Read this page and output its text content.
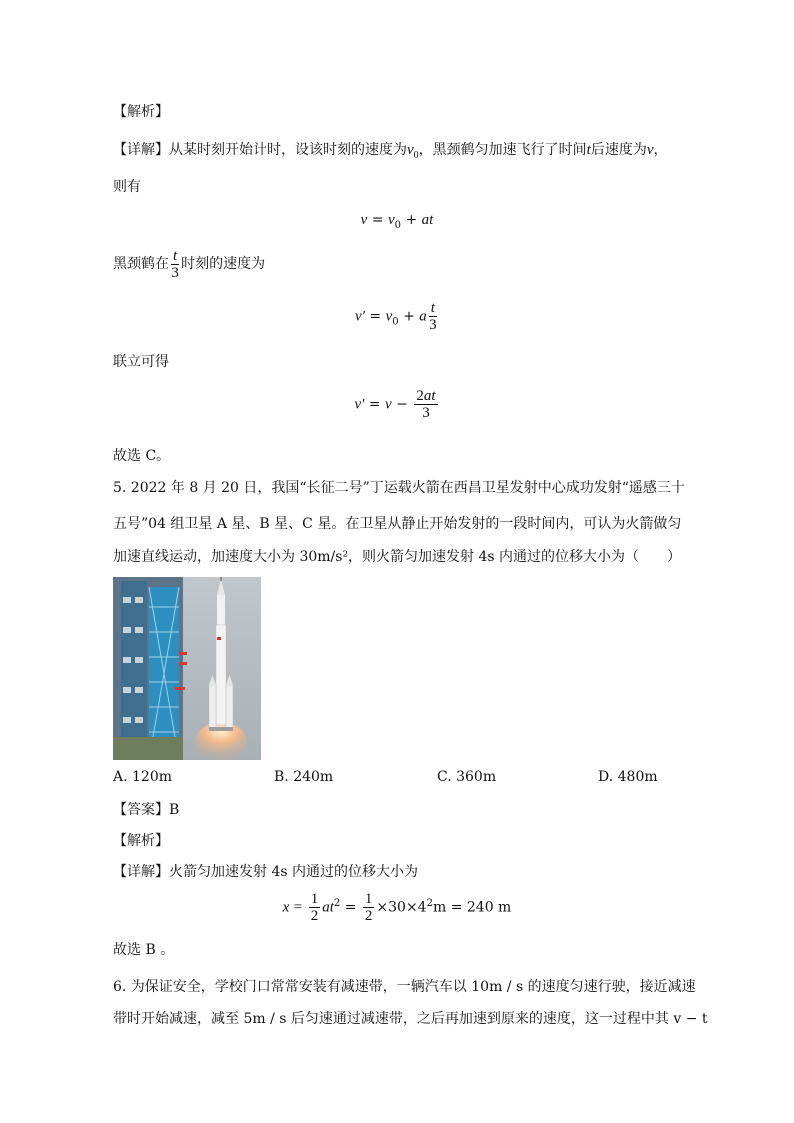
【解析】
【详解】从某时刻开始计时，设该时刻的速度为$v_0$，黑颈鹤匀加速飞行了时间t后速度为v，
则有
$v = v_0$ + at
黑颈鹤在 $\frac{t}{3}$ 时刻的速度为
$v' = v_0 + a \frac{t}{3}$
联立可得
$v' = v - \frac{2at}{3}$
故选 C。
5. 2022 年 8 月 20 日，我国“长征二号”丁运载火箭在西昌卫星发射中心成功发射“遥感三十
五号”04 组卫星 A 星、B 星、C 星。在卫星从静止开始发射的一段时间内，可认为火箭做匀
加速直线运动，加速度大小为 30m/s²，则火箭匀加速发射 4s 内通过的位移大小为（　　）
A. 120m	B. 240m	C. 360m	D. 480m
【答案】B
【解析】
【详解】火箭匀加速发射 4s 内通过的位移大小为
$x = \frac{1}{2} at^2 = \frac{1}{2} \times 30\times 4^2m = 240$ m
故选 B 。
6. 为保证安全，学校门口常常安装有减速带，一辆汽车以 10m / s 的速度匀速行驶，接近减速
带时开始减速，减至 5m / s 后匀速通过减速带，之后再加速到原来的速度，这一过程中其 v − t
